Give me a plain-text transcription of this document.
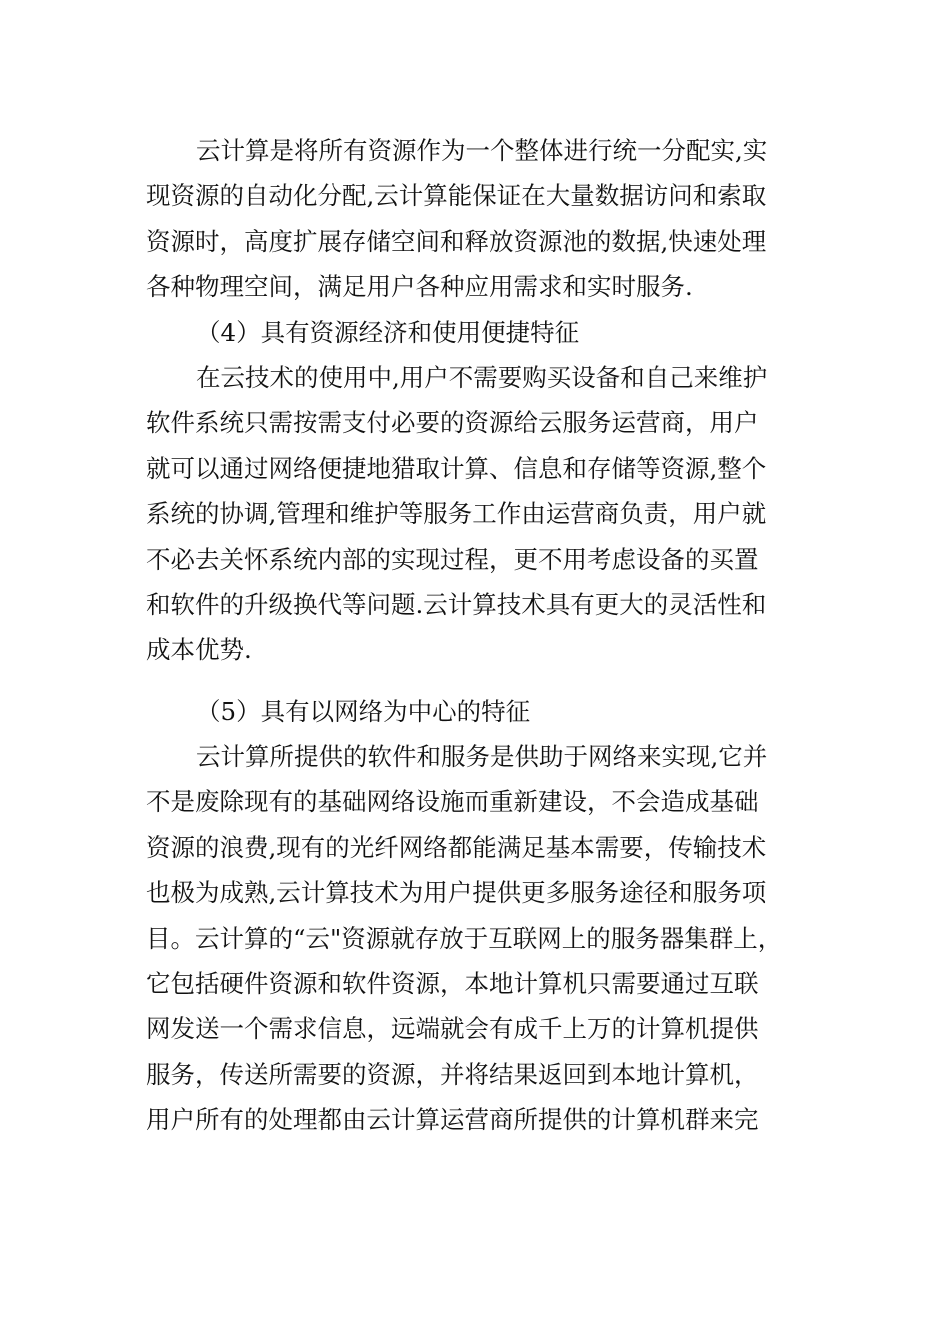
云计算是将所有资源作为一个整体进行统一分配实,实
现资源的自动化分配,云计算能保证在大量数据访问和索取
资源时，高度扩展存储空间和释放资源池的数据,快速处理
各种物理空间，满足用户各种应用需求和实时服务.
（4）具有资源经济和使用便捷特征
在云技术的使用中,用户不需要购买设备和自己来维护
软件系统只需按需支付必要的资源给云服务运营商，用户
就可以通过网络便捷地猎取计算、信息和存储等资源,整个
系统的协调,管理和维护等服务工作由运营商负责，用户就
不必去关怀系统内部的实现过程，更不用考虑设备的买置
和软件的升级换代等问题.云计算技术具有更大的灵活性和
成本优势.
（5）具有以网络为中心的特征
云计算所提供的软件和服务是供助于网络来实现,它并
不是废除现有的基础网络设施而重新建设，不会造成基础
资源的浪费,现有的光纤网络都能满足基本需要，传输技术
也极为成熟,云计算技术为用户提供更多服务途径和服务项
目。云计算的“云"资源就存放于互联网上的服务器集群上，
它包括硬件资源和软件资源，本地计算机只需要通过互联
网发送一个需求信息，远端就会有成千上万的计算机提供
服务，传送所需要的资源，并将结果返回到本地计算机，
用户所有的处理都由云计算运营商所提供的计算机群来完
